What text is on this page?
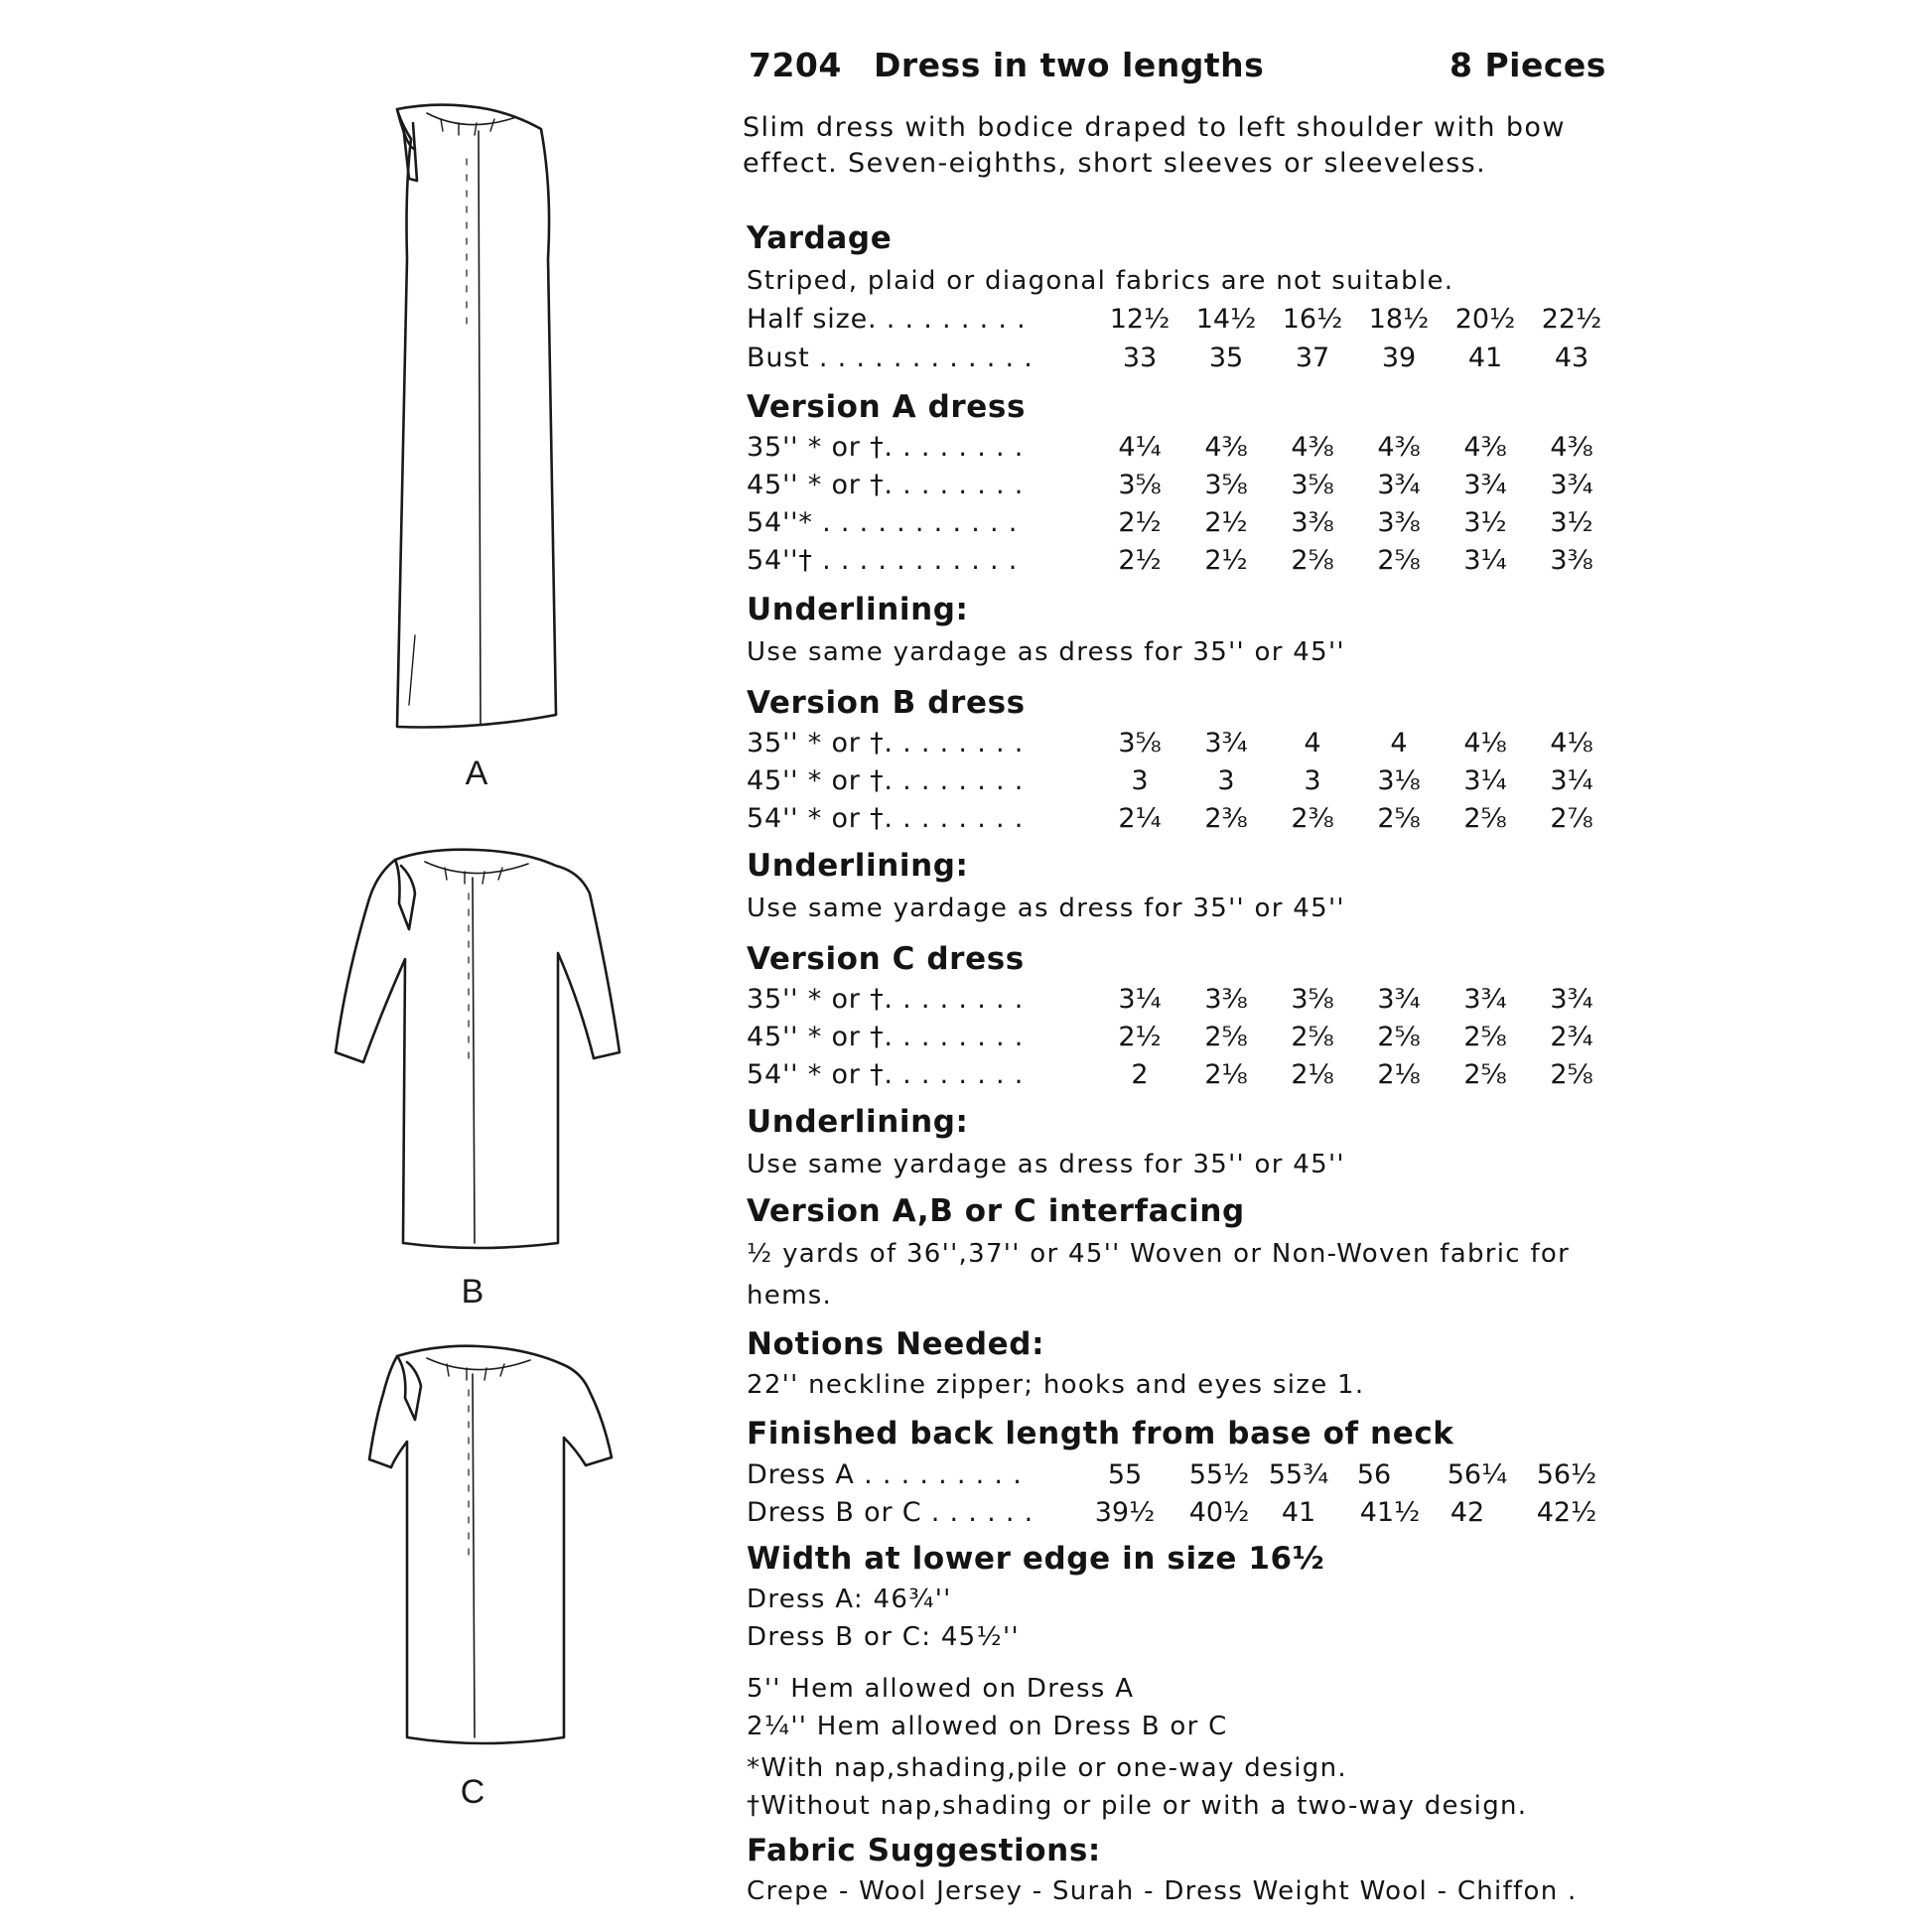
A
B
C
7204 Dress in two lengths	8 Pieces
Slim dress with bodice draped to left shoulder with bow
effect. Seven-eighths, short sleeves or sleeveless.
Yardage
Striped, plaid or diagonal fabrics are not suitable.
Half size. . . . . . . . .	12½ 14½ 16½ 18½ 20½ 22½
Bust . . . . . . . . . . . .	33	35	37	39	41	43
Version A dress
35'' * or †. . . . . . . .	4¼	4⅜	4⅜	4⅜	4⅜	4⅜
45'' * or †. . . . . . . .	3⅝	3⅝	3⅝	3¾	3¾	3¾
54''* . . . . . . . . . . .	2½	2½	3⅜	3⅜	3½	3½
54''† . . . . . . . . . . .	2½	2½	2⅝	2⅝	3¼	3⅜
Underlining:
Use same yardage as dress for 35'' or 45''
Version B dress
35'' * or †. . . . . . . .	3⅝	3¾	4	4	4⅛	4⅛
45'' * or †. . . . . . . .	3	3	3	3⅛	3¼	3¼
54'' * or †. . . . . . . .	2¼	2⅜	2⅜	2⅝	2⅝	2⅞
Underlining:
Use same yardage as dress for 35'' or 45''
Version C dress
35'' * or †. . . . . . . .	3¼	3⅜	3⅝	3¾	3¾	3¾
45'' * or †. . . . . . . .	2½	2⅝	2⅝	2⅝	2⅝	2¾
54'' * or †. . . . . . . .	2	2⅛	2⅛	2⅛	2⅝	2⅝
Underlining:
Use same yardage as dress for 35'' or 45''
Version A,B or C interfacing
½ yards of 36'',37'' or 45'' Woven or Non-Woven fabric for
hems.
Notions Needed:
22'' neckline zipper; hooks and eyes size 1.
Finished back length from base of neck
Dress A . . . . . . . . .	55	55½ 55¾	56	56¼	56½
Dress B or C . . . . . .	39½	40½	41	41½	42	42½
Width at lower edge in size 16½
Dress A: 46¾''
Dress B or C: 45½''
5'' Hem allowed on Dress A
2¼'' Hem allowed on Dress B or C
*With nap,shading,pile or one-way design.
†Without nap,shading or pile or with a two-way design.
Fabric Suggestions:
Crepe - Wool Jersey - Surah - Dress Weight Wool - Chiffon .
